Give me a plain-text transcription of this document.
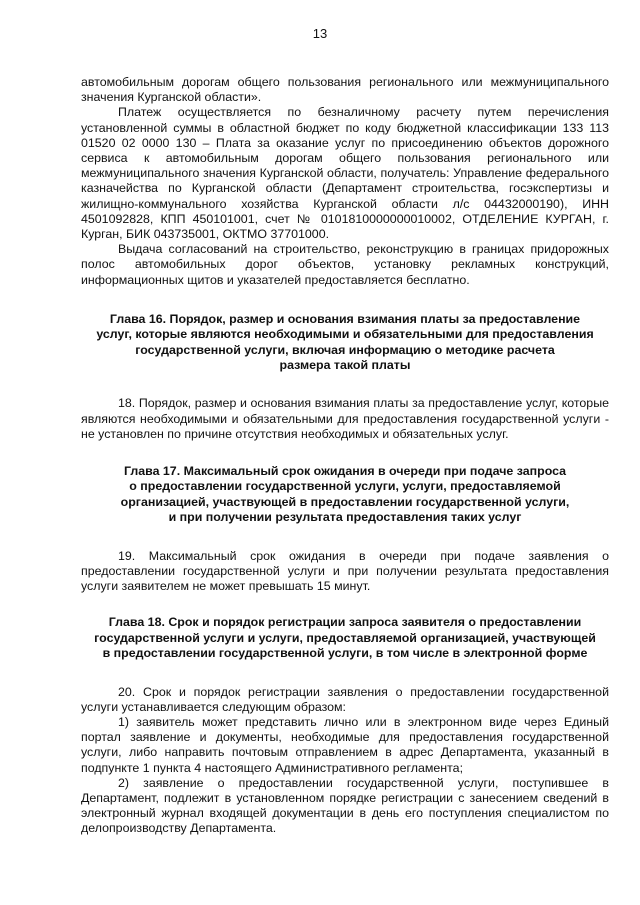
13

автомобильным дорогам общего пользования регионального или межмуниципального значения Курганской области».

Платеж осуществляется по безналичному расчету путем перечисления установленной суммы в областной бюджет по коду бюджетной классификации 133 113 01520 02 0000 130 – Плата за оказание услуг по присоединению объектов дорожного сервиса к автомобильным дорогам общего пользования регионального или межмуниципального значения Курганской области, получатель: Управление федерального казначейства по Курганской области (Департамент строительства, госэкспертизы и жилищно-коммунального хозяйства Курганской области л/с 04432000190), ИНН 4501092828, КПП 450101001, счет № 0101810000000010002, ОТДЕЛЕНИЕ КУРГАН, г. Курган, БИК 043735001, ОКТМО 37701000.

Выдача согласований на строительство, реконструкцию в границах придорожных полос автомобильных дорог объектов, установку рекламных конструкций, информационных щитов и указателей предоставляется бесплатно.

Глава 16. Порядок, размер и основания взимания платы за предоставление
услуг, которые являются необходимыми и обязательными для предоставления
государственной услуги, включая информацию о методике расчета
размера такой платы

18. Порядок, размер и основания взимания платы за предоставление услуг, которые являются необходимыми и обязательными для предоставления государственной услуги - не установлен по причине отсутствия необходимых и обязательных услуг.

Глава 17. Максимальный срок ожидания в очереди при подаче запроса
о предоставлении государственной услуги, услуги, предоставляемой
организацией, участвующей в предоставлении государственной услуги,
и при получении результата предоставления таких услуг

19. Максимальный срок ожидания в очереди при подаче заявления о предоставлении государственной услуги и при получении результата предоставления услуги заявителем не может превышать 15 минут.

Глава 18. Срок и порядок регистрации запроса заявителя о предоставлении
государственной услуги и услуги, предоставляемой организацией, участвующей
в предоставлении государственной услуги, в том числе в электронной форме

20. Срок и порядок регистрации заявления о предоставлении государственной услуги устанавливается следующим образом:

1) заявитель может представить лично или в электронном виде через Единый портал заявление и документы, необходимые для предоставления государственной услуги, либо направить почтовым отправлением в адрес Департамента, указанный в подпункте 1 пункта 4 настоящего Административного регламента;

2) заявление о предоставлении государственной услуги, поступившее в Департамент, подлежит в установленном порядке регистрации с занесением сведений в электронный журнал входящей документации в день его поступления специалистом по делопроизводству Департамента.
